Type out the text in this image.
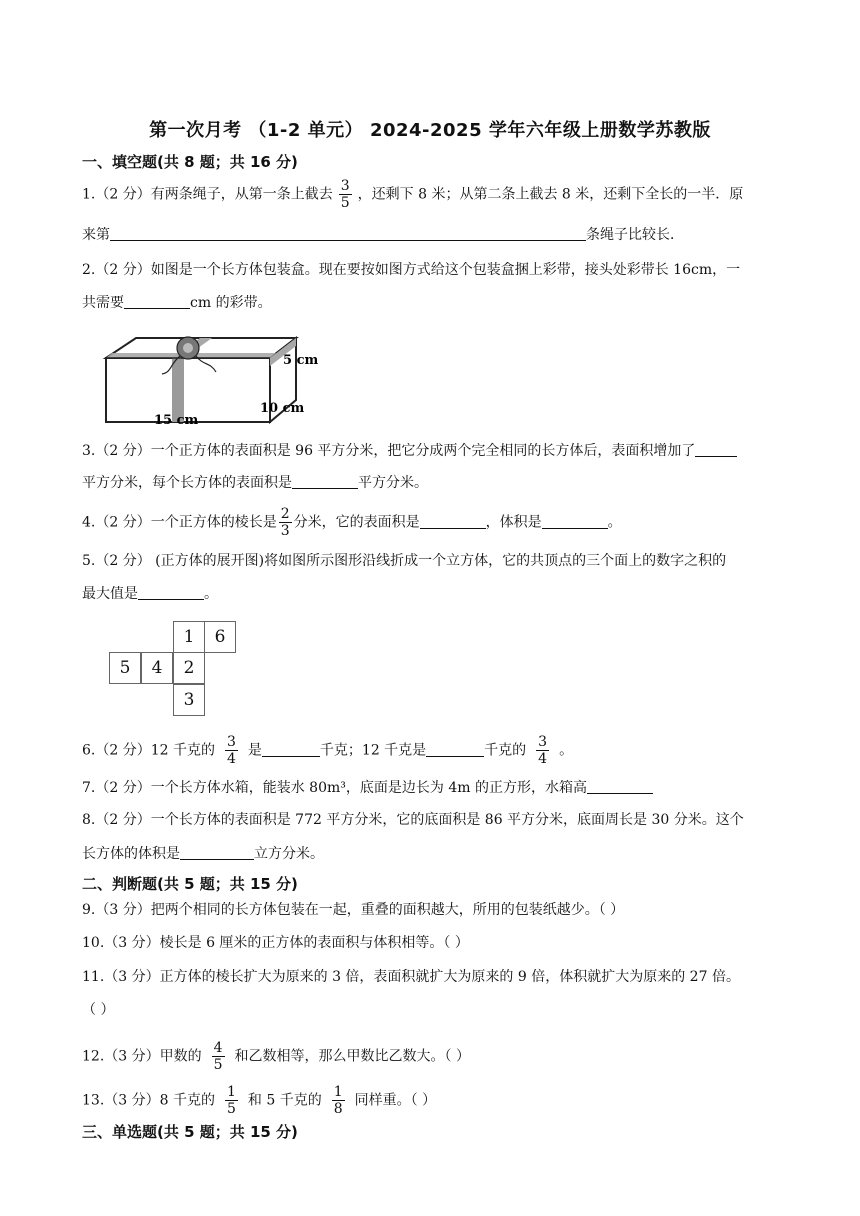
第一次月考 （1-2 单元） 2024-2025 学年六年级上册数学苏教版
一、填空题(共 8 题；共 16 分)
1.（2 分）有两条绳子，从第一条上截去 $\frac{3}{5}$ ，还剩下 8 米；从第二条上截去 8 米，还剩下全长的一半．原
来第	条绳子比较长．
2.（2 分）如图是一个长方体包装盒。现在要按如图方式给这个包装盒捆上彩带，接头处彩带长 16cm，一
共需要	cm 的彩带。
5 cm
15 cm
10 cm
3.（2 分）一个正方体的表面积是 96 平方分米，把它分成两个完全相同的长方体后，表面积增加了
平方分米，每个长方体的表面积是	平方分米。
4.（2 分）一个正方体的棱长是 $\frac{2}{3}$ 分米，它的表面积是	，体积是	。
5.（2 分） (正方体的展开图)将如图所示图形沿线折成一个立方体，它的共顶点的三个面上的数字之积的
最大值是	。
1	6
5	4	2
3
6.（2 分）12 千克的 $\frac{3}{4}$ 是	千克；12 千克是	千克的 $\frac{3}{4}$ 。
7.（2 分）一个长方体水箱，能装水 80m³，底面是边长为 4m 的正方形，水箱高
8.（2 分）一个长方体的表面积是 772 平方分米，它的底面积是 86 平方分米，底面周长是 30 分米。这个
长方体的体积是	立方分米。
二、判断题(共 5 题；共 15 分)
9.（3 分）把两个相同的长方体包装在一起，重叠的面积越大，所用的包装纸越少。（ ）
10.（3 分）棱长是 6 厘米的正方体的表面积与体积相等。（ ）
11.（3 分）正方体的棱长扩大为原来的 3 倍，表面积就扩大为原来的 9 倍，体积就扩大为原来的 27 倍。
（ ）
12.（3 分）甲数的 $\frac{4}{5}$ 和乙数相等，那么甲数比乙数大。（ ）
13.（3 分）8 千克的 $\frac{1}{5}$ 和 5 千克的 $\frac{1}{8}$ 同样重。（ ）
三、单选题(共 5 题；共 15 分)
